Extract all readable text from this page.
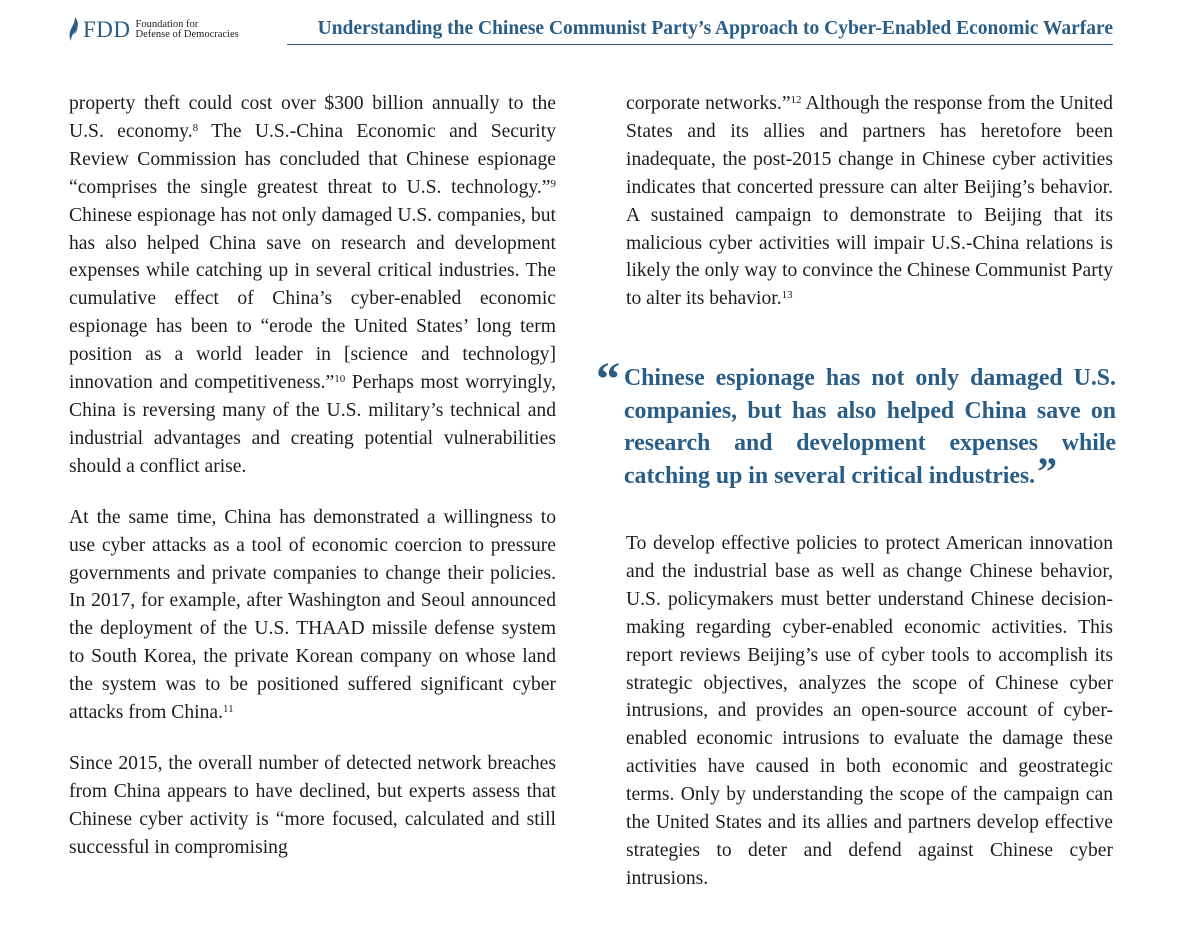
FDD Foundation for
Defense of Democracies	Understanding the Chinese Communist Party’s Approach to Cyber-Enabled Economic Warfare

property theft could cost over $300 billion annually to the U.S. economy.$^8$ The U.S.-China Economic and Security Review Commission has concluded that Chinese espionage “comprises the single greatest threat to U.S. technology.”$^9$ Chinese espionage has not only damaged U.S. companies, but has also helped China save on research and development expenses while catching up in several critical industries. The cumulative effect of China’s cyber-enabled economic espionage has been to “erode the United States’ long term position as a world leader in [science and technology] innovation and competitiveness.”$^{10}$ Perhaps most worryingly, China is reversing many of the U.S. military’s technical and industrial advantages and creating potential vulnerabilities should a conflict arise.

At the same time, China has demonstrated a willingness to use cyber attacks as a tool of economic coercion to pressure governments and private companies to change their policies. In 2017, for example, after Washington and Seoul announced the deployment of the U.S. THAAD missile defense system to South Korea, the private Korean company on whose land the system was to be positioned suffered significant cyber attacks from China.$^{11}$

Since 2015, the overall number of detected network breaches from China appears to have declined, but experts assess that Chinese cyber activity is “more focused, calculated and still successful in compromising

corporate networks.”$^{12}$ Although the response from the United States and its allies and partners has heretofore been inadequate, the post-2015 change in Chinese cyber activities indicates that concerted pressure can alter Beijing’s behavior. A sustained campaign to demonstrate to Beijing that its malicious cyber activities will impair U.S.-China relations is likely the only way to convince the Chinese Communist Party to alter its behavior.$^{13}$

“ Chinese espionage has not only damaged U.S. companies, but has also helped China save on research and development expenses while catching up in several critical industries.”

To develop effective policies to protect American innovation and the industrial base as well as change Chinese behavior, U.S. policymakers must better understand Chinese decision-making regarding cyber-enabled economic activities. This report reviews Beijing’s use of cyber tools to accomplish its strategic objectives, analyzes the scope of Chinese cyber intrusions, and provides an open-source account of cyber-enabled economic intrusions to evaluate the damage these activities have caused in both economic and geostrategic terms. Only by understanding the scope of the campaign can the United States and its allies and partners develop effective strategies to deter and defend against Chinese cyber intrusions.
